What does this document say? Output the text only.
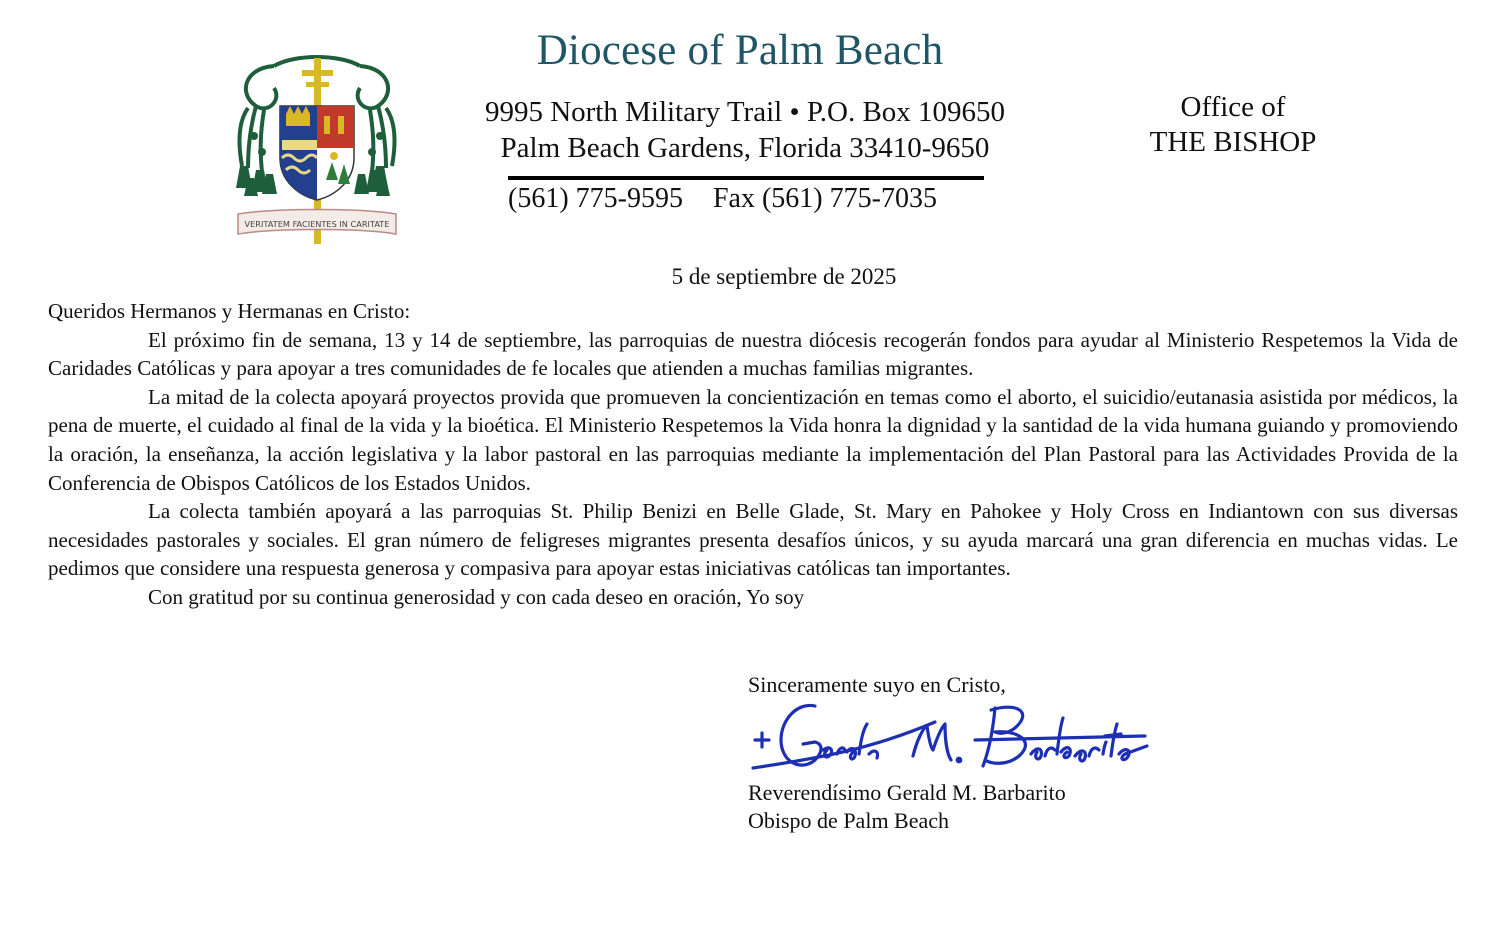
VERITATEM FACIENTES IN CARITATE
Diocese of Palm Beach
9995 North Military Trail • P.O. Box 109650
Palm Beach Gardens, Florida 33410-9650
(561) 775-9595 Fax (561) 775-7035
Office of
THE BISHOP
5 de septiembre de 2025

Queridos Hermanos y Hermanas en Cristo:

El próximo fin de semana, 13 y 14 de septiembre, las parroquias de nuestra diócesis recogerán fondos para ayudar al Ministerio Respetemos la Vida de Caridades Católicas y para apoyar a tres comunidades de fe locales que atienden a muchas familias migrantes.

La mitad de la colecta apoyará proyectos provida que promueven la concientización en temas como el aborto, el suicidio/eutanasia asistida por médicos, la pena de muerte, el cuidado al final de la vida y la bioética. El Ministerio Respetemos la Vida honra la dignidad y la santidad de la vida humana guiando y promoviendo la oración, la enseñanza, la acción legislativa y la labor pastoral en las parroquias mediante la implementación del Plan Pastoral para las Actividades Provida de la Conferencia de Obispos Católicos de los Estados Unidos.

La colecta también apoyará a las parroquias St. Philip Benizi en Belle Glade, St. Mary en Pahokee y Holy Cross en Indiantown con sus diversas necesidades pastorales y sociales. El gran número de feligreses migrantes presenta desafíos únicos, y su ayuda marcará una gran diferencia en muchas vidas. Le pedimos que considere una respuesta generosa y compasiva para apoyar estas iniciativas católicas tan importantes.

Con gratitud por su continua generosidad y con cada deseo en oración, Yo soy

Sinceramente suyo en Cristo,
Reverendísimo Gerald M. Barbarito
Obispo de Palm Beach
